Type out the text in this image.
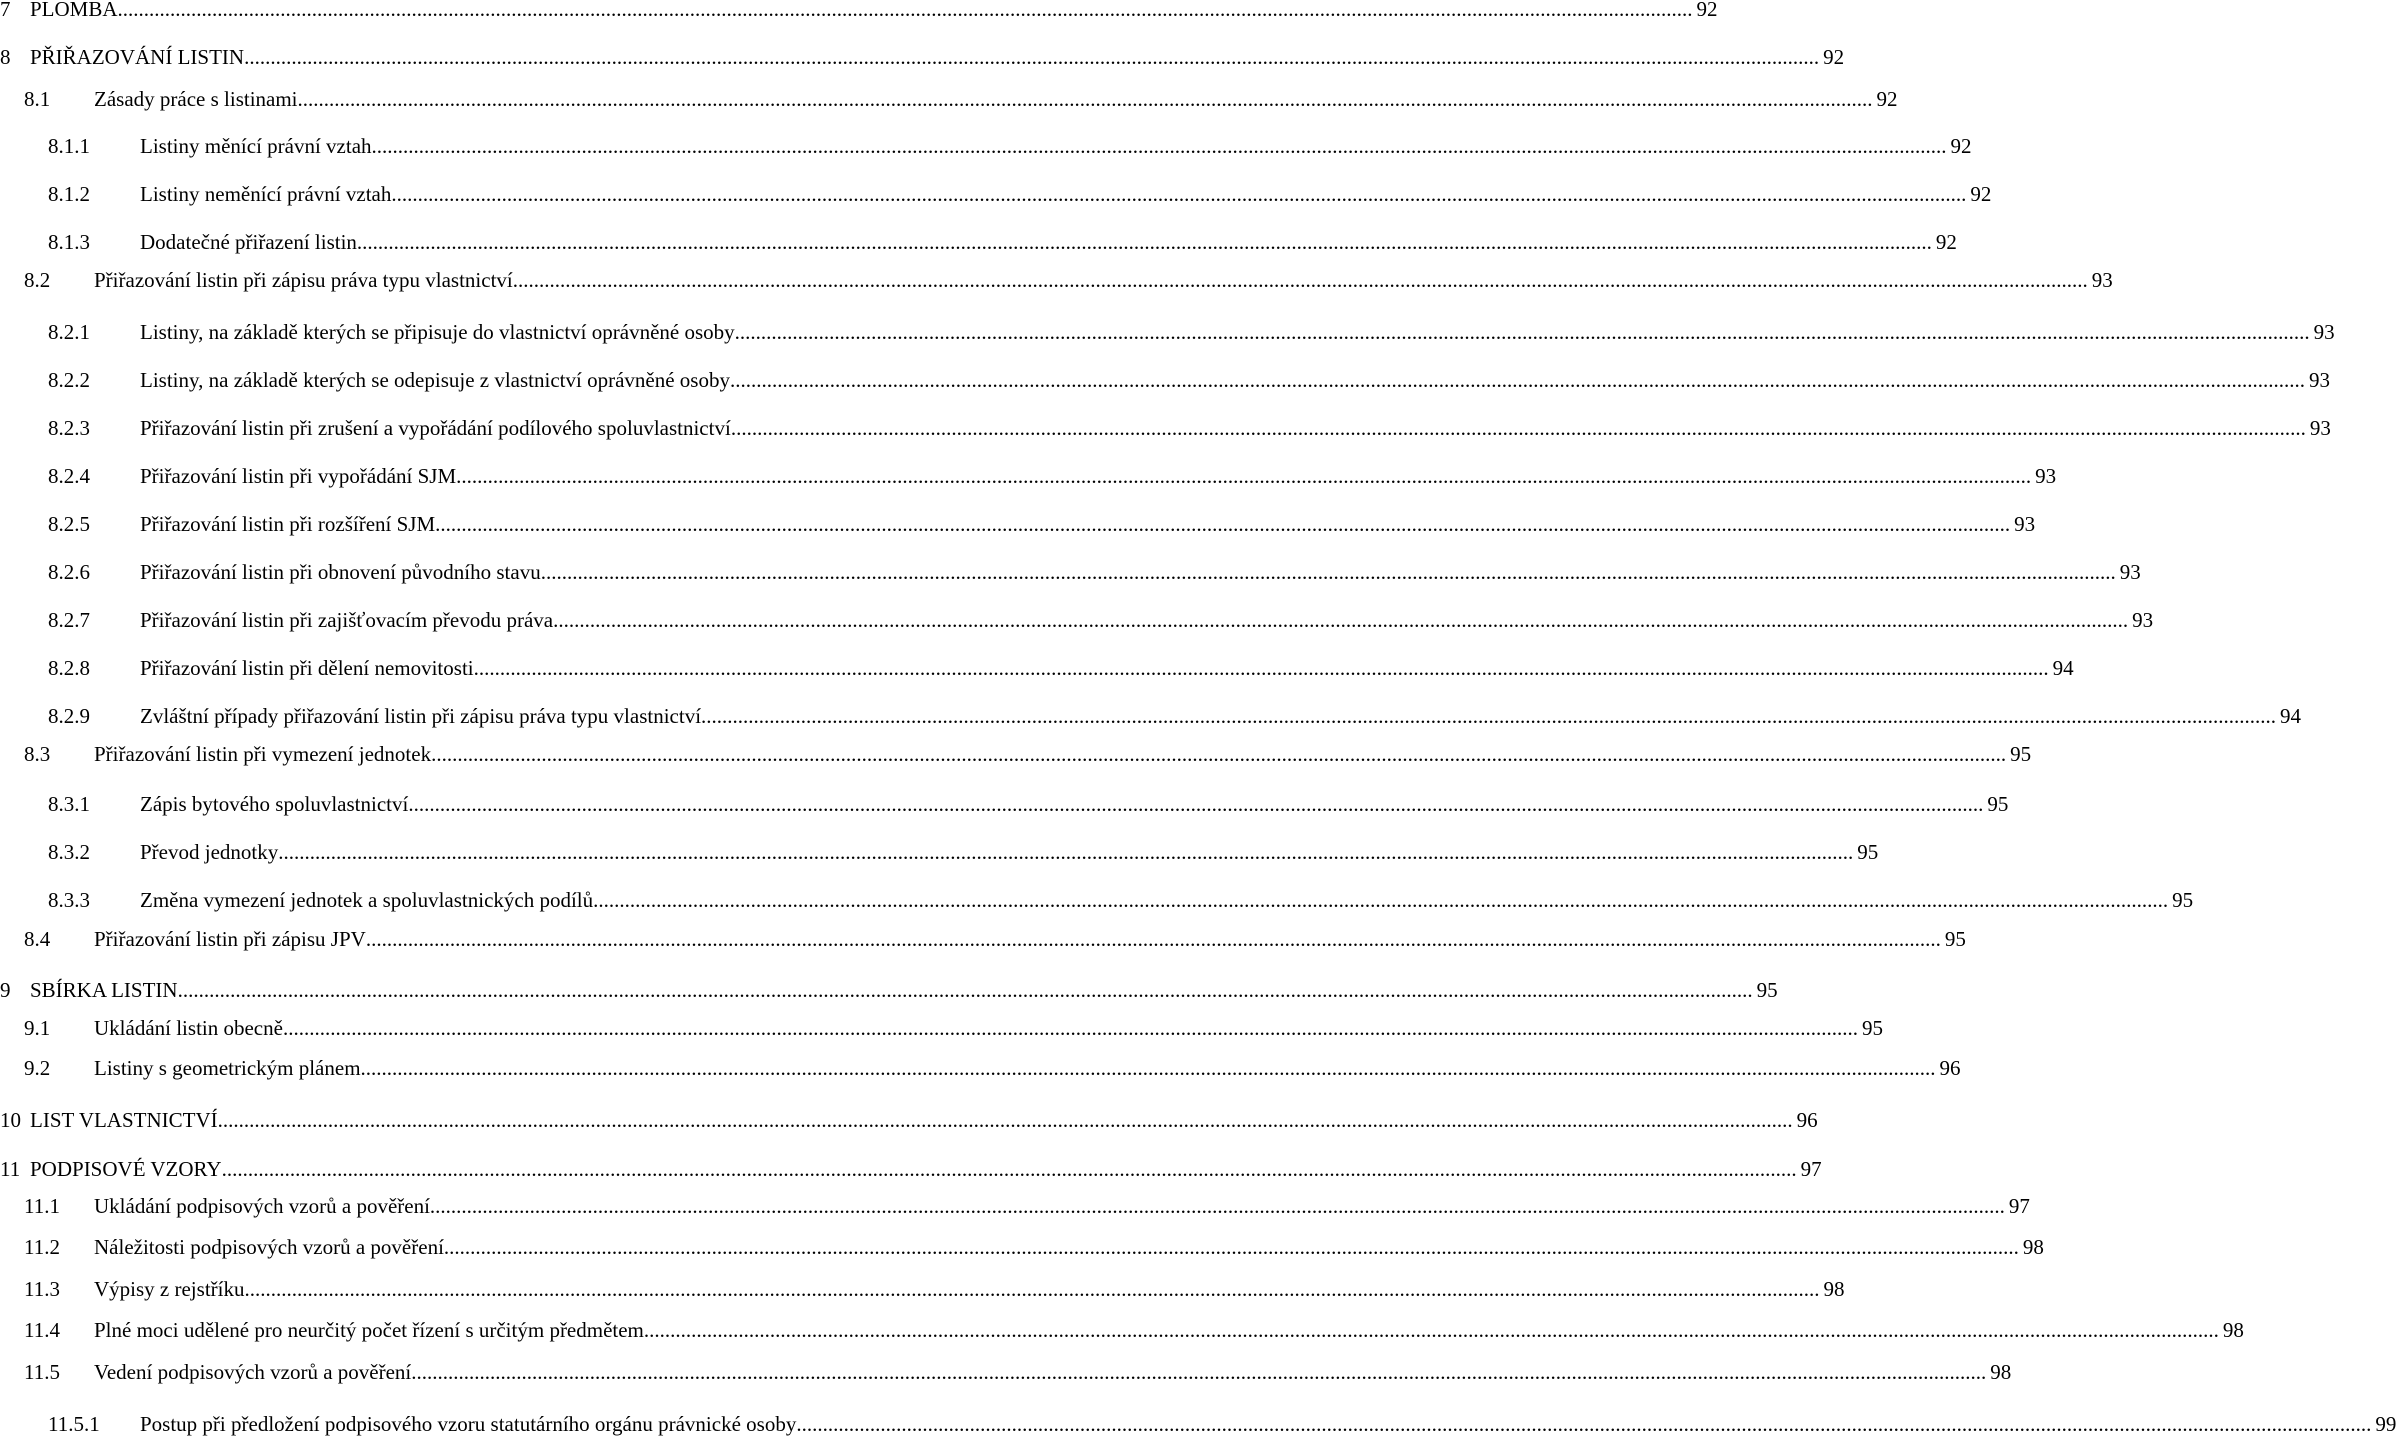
7 PLOMBA ............................................................................................................................................................................................................................................................................................................ 92
8 PŘIŘAZOVÁNÍ LISTIN ............................................................................................................................................................................................................................................................................................................ 92
8.1 Zásady práce s listinami ............................................................................................................................................................................................................................................................................................................ 92
8.1.1 Listiny měnící právní vztah ............................................................................................................................................................................................................................................................................................................ 92
8.1.2 Listiny neměnící právní vztah ............................................................................................................................................................................................................................................................................................................ 92
8.1.3 Dodatečné přiřazení listin ............................................................................................................................................................................................................................................................................................................ 92
8.2 Přiřazování listin při zápisu práva typu vlastnictví ............................................................................................................................................................................................................................................................................................................ 93
8.2.1 Listiny, na základě kterých se připisuje do vlastnictví oprávněné osoby ............................................................................................................................................................................................................................................................................................................ 93
8.2.2 Listiny, na základě kterých se odepisuje z vlastnictví oprávněné osoby ............................................................................................................................................................................................................................................................................................................ 93
8.2.3 Přiřazování listin při zrušení a vypořádání podílového spoluvlastnictví ............................................................................................................................................................................................................................................................................................................ 93
8.2.4 Přiřazování listin při vypořádání SJM ............................................................................................................................................................................................................................................................................................................ 93
8.2.5 Přiřazování listin při rozšíření SJM ............................................................................................................................................................................................................................................................................................................ 93
8.2.6 Přiřazování listin při obnovení původního stavu ............................................................................................................................................................................................................................................................................................................ 93
8.2.7 Přiřazování listin při zajišťovacím převodu práva ............................................................................................................................................................................................................................................................................................................ 93
8.2.8 Přiřazování listin při dělení nemovitosti ............................................................................................................................................................................................................................................................................................................ 94
8.2.9 Zvláštní případy přiřazování listin při zápisu práva typu vlastnictví ............................................................................................................................................................................................................................................................................................................ 94
8.3 Přiřazování listin při vymezení jednotek ............................................................................................................................................................................................................................................................................................................ 95
8.3.1 Zápis bytového spoluvlastnictví ............................................................................................................................................................................................................................................................................................................ 95
8.3.2 Převod jednotky ............................................................................................................................................................................................................................................................................................................ 95
8.3.3 Změna vymezení jednotek a spoluvlastnických podílů ............................................................................................................................................................................................................................................................................................................ 95
8.4 Přiřazování listin při zápisu JPV ............................................................................................................................................................................................................................................................................................................ 95
9 SBÍRKA LISTIN ............................................................................................................................................................................................................................................................................................................ 95
9.1 Ukládání listin obecně ............................................................................................................................................................................................................................................................................................................ 95
9.2 Listiny s geometrickým plánem ............................................................................................................................................................................................................................................................................................................ 96
10 LIST VLASTNICTVÍ ............................................................................................................................................................................................................................................................................................................ 96
11 PODPISOVÉ VZORY ............................................................................................................................................................................................................................................................................................................ 97
11.1 Ukládání podpisových vzorů a pověření ............................................................................................................................................................................................................................................................................................................ 97
11.2 Náležitosti podpisových vzorů a pověření ............................................................................................................................................................................................................................................................................................................ 98
11.3 Výpisy z rejstříku ............................................................................................................................................................................................................................................................................................................ 98
11.4 Plné moci udělené pro neurčitý počet řízení s určitým předmětem ............................................................................................................................................................................................................................................................................................................ 98
11.5 Vedení podpisových vzorů a pověření ............................................................................................................................................................................................................................................................................................................ 98
11.5.1 Postup při předložení podpisového vzoru statutárního orgánu právnické osoby ............................................................................................................................................................................................................................................................................................................ 99
